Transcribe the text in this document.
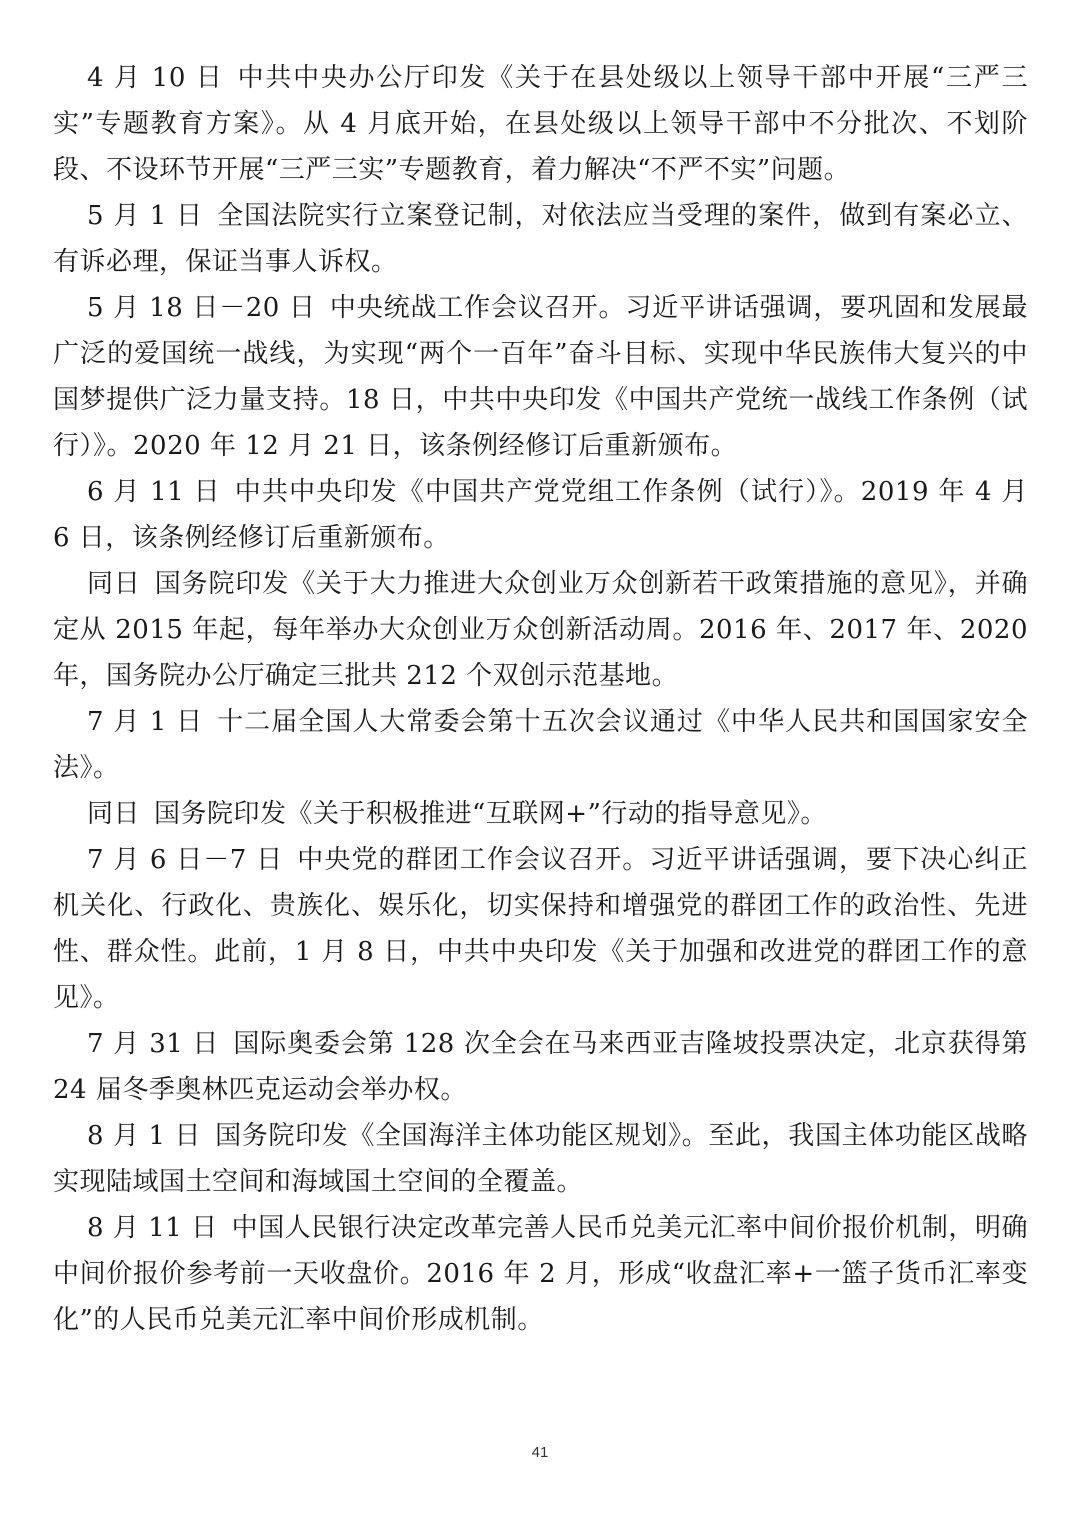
4 月 10 日 中共中央办公厅印发《关于在县处级以上领导干部中开展“三严三实”专题教育方案》。从 4 月底开始，在县处级以上领导干部中不分批次、不划阶段、不设环节开展“三严三实”专题教育，着力解决“不严不实”问题。

5 月 1 日 全国法院实行立案登记制，对依法应当受理的案件，做到有案必立、有诉必理，保证当事人诉权。

5 月 18 日－20 日 中央统战工作会议召开。习近平讲话强调，要巩固和发展最广泛的爱国统一战线，为实现“两个一百年”奋斗目标、实现中华民族伟大复兴的中国梦提供广泛力量支持。18 日，中共中央印发《中国共产党统一战线工作条例（试行）》。2020 年 12 月 21 日，该条例经修订后重新颁布。

6 月 11 日 中共中央印发《中国共产党党组工作条例（试行）》。2019 年 4 月 6 日，该条例经修订后重新颁布。

同日 国务院印发《关于大力推进大众创业万众创新若干政策措施的意见》，并确定从 2015 年起，每年举办大众创业万众创新活动周。2016 年、2017 年、2020 年，国务院办公厅确定三批共 212 个双创示范基地。

7 月 1 日 十二届全国人大常委会第十五次会议通过《中华人民共和国国家安全法》。

同日 国务院印发《关于积极推进“互联网+”行动的指导意见》。

7 月 6 日－7 日 中央党的群团工作会议召开。习近平讲话强调，要下决心纠正机关化、行政化、贵族化、娱乐化，切实保持和增强党的群团工作的政治性、先进性、群众性。此前，1 月 8 日，中共中央印发《关于加强和改进党的群团工作的意见》。

7 月 31 日 国际奥委会第 128 次全会在马来西亚吉隆坡投票决定，北京获得第 24 届冬季奥林匹克运动会举办权。

8 月 1 日 国务院印发《全国海洋主体功能区规划》。至此，我国主体功能区战略实现陆域国土空间和海域国土空间的全覆盖。

8 月 11 日 中国人民银行决定改革完善人民币兑美元汇率中间价报价机制，明确中间价报价参考前一天收盘价。2016 年 2 月，形成“收盘汇率+一篮子货币汇率变化”的人民币兑美元汇率中间价形成机制。

41
